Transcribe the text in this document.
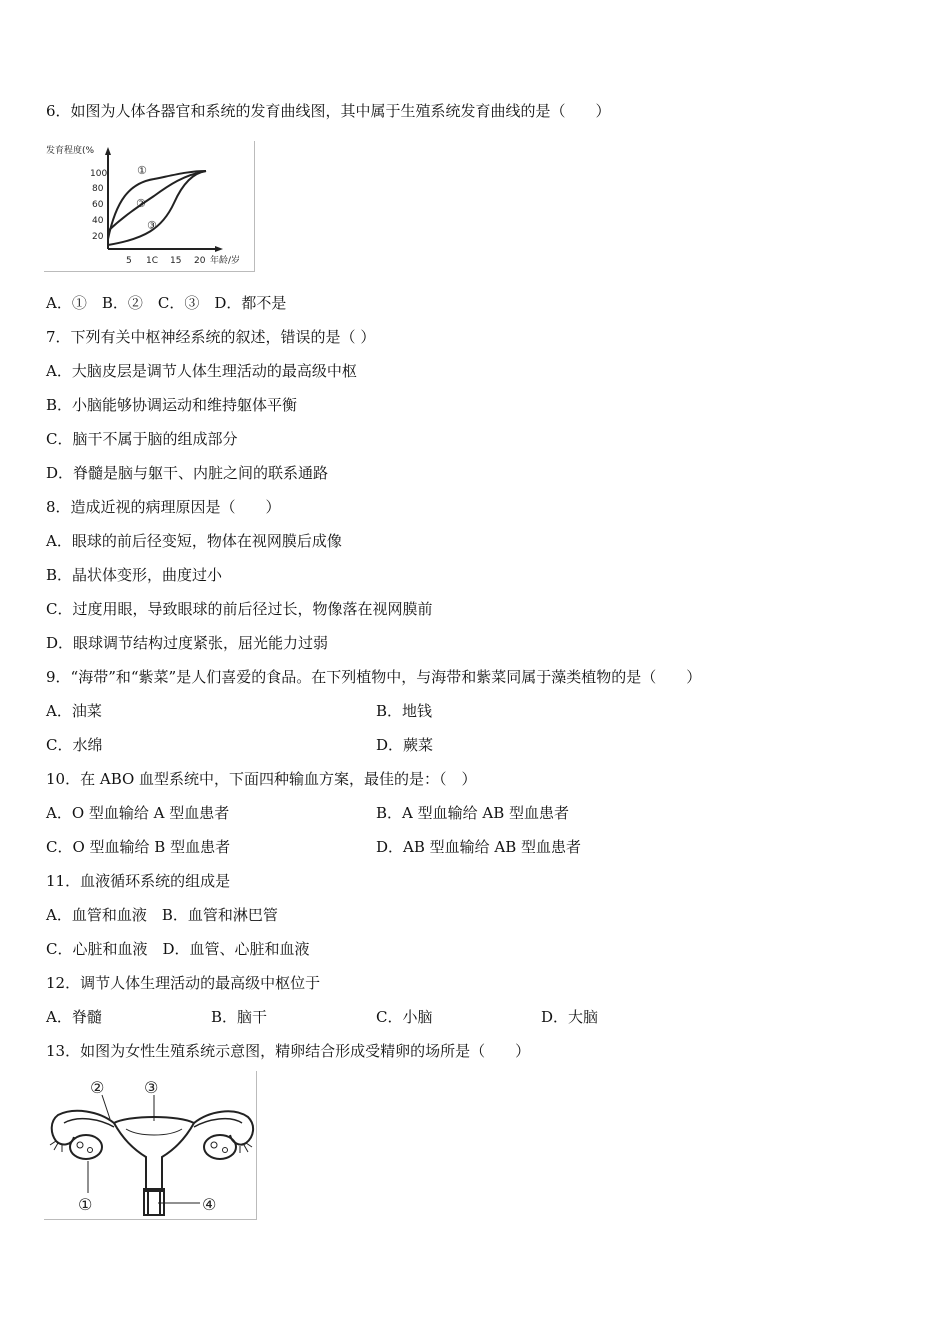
6．如图为人体各器官和系统的发育曲线图，其中属于生殖系统发育曲线的是（　　）
发育程度(%
100
80
60
40
20
5 1C 15 20 年龄/岁
①
②
③
A．①　B．②　C．③　D．都不是
7．下列有关中枢神经系统的叙述，错误的是（ ）
A．大脑皮层是调节人体生理活动的最高级中枢
B．小脑能够协调运动和维持躯体平衡
C．脑干不属于脑的组成部分
D．脊髓是脑与躯干、内脏之间的联系通路
8．造成近视的病理原因是（　　）
A．眼球的前后径变短，物体在视网膜后成像
B．晶状体变形，曲度过小
C．过度用眼，导致眼球的前后径过长，物像落在视网膜前
D．眼球调节结构过度紧张，屈光能力过弱
9．“海带”和“紫菜”是人们喜爱的食品。在下列植物中，与海带和紫菜同属于藻类植物的是（　　）
A．油菜	B．地钱
C．水绵	D．蕨菜
10．在 ABO 血型系统中，下面四种输血方案，最佳的是：（　）
A．O 型血输给 A 型血患者	B．A 型血输给 AB 型血患者
C．O 型血输给 B 型血患者	D．AB 型血输给 AB 型血患者
11．血液循环系统的组成是
A．血管和血液　B．血管和淋巴管
C．心脏和血液　D．血管、心脏和血液
12．调节人体生理活动的最高级中枢位于
A．脊髓	B．脑干	C．小脑	D．大脑
13．如图为女性生殖系统示意图，精卵结合形成受精卵的场所是（　　）
② ③
①	④
